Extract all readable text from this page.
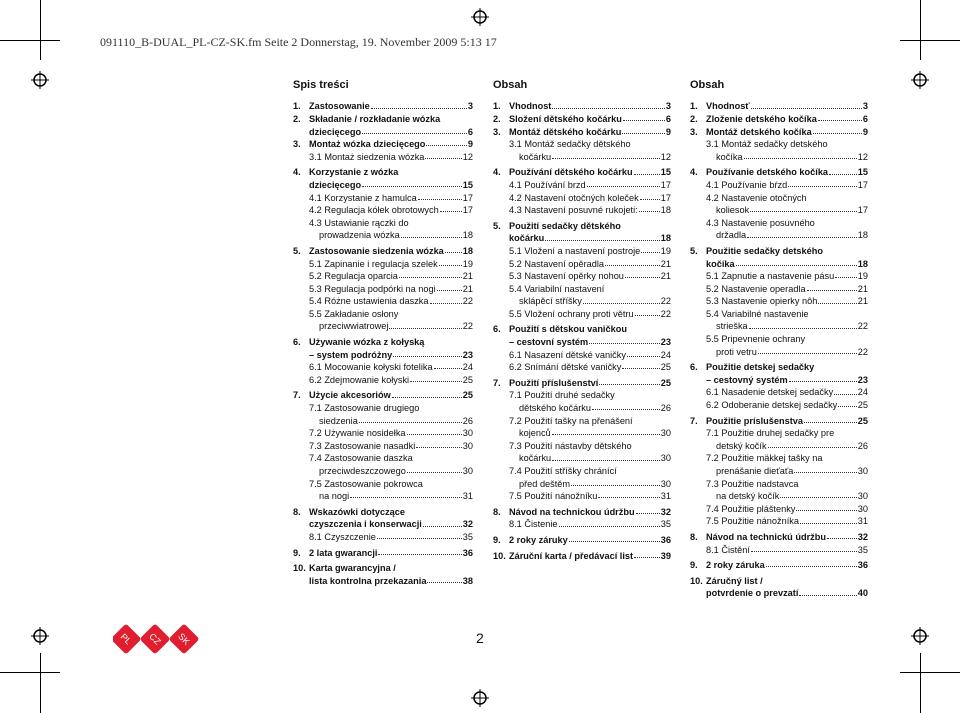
091110_B-DUAL_PL-CZ-SK.fm Seite 2 Donnerstag, 19. November 2009 5:13 17
Spis treści
1. Zastosowanie	3
2. Składanie / rozkładanie wózka
dziecięcego	6
3. Montaż wózka dziecięcego	9
3.1 Montaż siedzenia wózka	12
4. Korzystanie z wózka
dziecięcego	15
4.1 Korzystanie z hamulca	17
4.2 Regulacja kółek obrotowych	17
4.3 Ustawianie rączki do
prowadzenia wózka	18
5. Zastosowanie siedzenia wózka 18
5.1 Zapinanie i regulacja szelek	19
5.2 Regulacja oparcia	21
5.3 Regulacja podpórki na nogi	21
5.4 Różne ustawienia daszka	22
5.5 Zakładanie osłony
przeciwwiatrowej	22
6. Używanie wózka z kołyską
– system podróżny	23
6.1 Mocowanie kołyski fotelika	24
6.2 Zdejmowanie kołyski	25
7. Użycie akcesoriów	25
7.1 Zastosowanie drugiego
siedzenia	26
7.2 Używanie nosidełka	30
7.3 Zastosowanie nasadki	30
7.4 Zastosowanie daszka
przeciwdeszczowego	30
7.5 Zastosowanie pokrowca
na nogi	31
8. Wskazówki dotyczące
czyszczenia i konserwacji	32
8.1 Czyszczenie	35
9. 2 lata gwarancji	36
10. Karta gwarancyjna /
lista kontrolna przekazania	38
Obsah
1. Vhodnost	3
2. Složení dětského kočárku	6
3. Montáž dětského kočárku	9
3.1 Montáž sedačky dětského
kočárku	12
4. Používání dětského kočárku	15
4.1 Používání brzd	17
4.2 Nastavení otočných koleček 17
4.3 Nastavení posuvné rukojeti:	18
5. Použití sedačky dětského
kočárku	18
5.1 Vložení a nastavení postroje 19
5.2 Nastavení opěradla	21
5.3 Nastavení opěrky nohou	21
5.4 Variabilní nastavení
sklápěcí stříšky	22
5.5 Vložení ochrany proti větru	22
6. Použití s dětskou vaničkou
– cestovní systém	23
6.1 Nasazení dětské vaničky	24
6.2 Snímání dětské vaničky	25
7. Použití příslušenství	25
7.1 Použití druhé sedačky
dětského kočárku	26
7.2 Použití tašky na přenášení
kojenců	30
7.3 Použití nástavby dětského
kočárku	30
7.4 Použití stříšky chránící
před deštěm	30
7.5 Použití nánožníku	31
8. Návod na technickou údržbu	32
8.1 Čistenie	35
9. 2 roky záruky	36
10. Záruční karta / předávací list	39
Obsah
1. Vhodnosť	3
2. Zloženie detského kočíka	6
3. Montáž detského kočíka	9
3.1 Montáž sedačky detského
kočíka	12
4. Používanie detského kočíka	15
4.1 Používanie bŕzd	17
4.2 Nastavenie otočných
koliesok	17
4.3 Nastavenie posuvného
držadla	18
5. Použitie sedačky detského
kočíka	18
5.1 Zapnutie a nastavenie pásu	19
5.2 Nastavenie operadla	21
5.3 Nastavenie opierky nôh	21
5.4 Variabilné nastavenie
strieška	22
5.5 Pripevnenie ochrany
proti vetru	22
6. Použitie detskej sedačky
– cestovný systém	23
6.1 Nasadenie detskej sedačky	24
6.2 Odoberanie detskej sedačky 25
7. Použitie príslušenstva	25
7.1 Použitie druhej sedačky pre
detský kočík	26
7.2 Použitie mäkkej tašky na
prenášanie dieťaťa	30
7.3 Použitie nadstavca
na detský kočík	30
7.4 Použitie pláštenky	30
7.5 Použitie nánožníka	31
8. Návod na technickú údržbu	32
8.1 Čistění	35
9. 2 roky záruka	36
10. Záručný list /
potvrdenie o prevzatí	40
PL CZ SK	2
